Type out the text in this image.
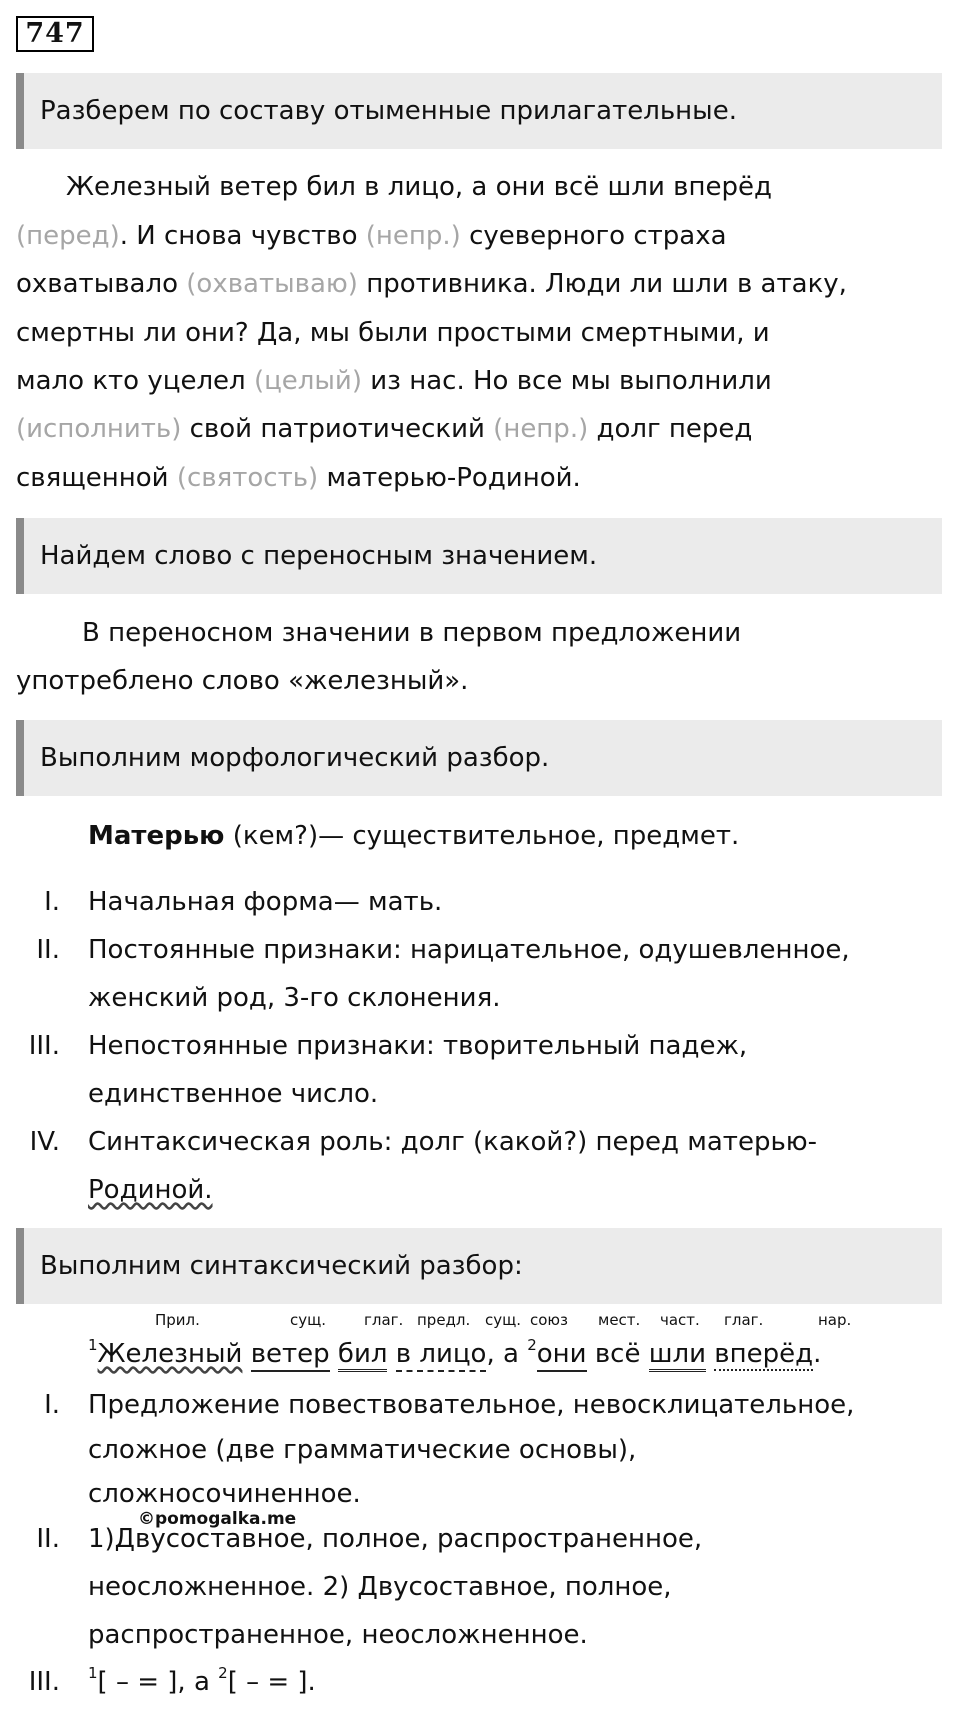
747
Разберем по составу отыменные прилагательные.
Железный ветер бил в лицо, а они всё шли вперёд
(перед). И снова чувство (непр.) суеверного страха
охватывало (охватываю) противника. Люди ли шли в атаку,
смертны ли они? Да, мы были простыми смертными, и
мало кто уцелел (целый) из нас. Но все мы выполнили
(исполнить) свой патриотический (непр.) долг перед
священной (святость) матерью-Родиной.
Найдем слово с переносным значением.
В переносном значении в первом предложении
употреблено слово «железный».
Выполним морфологический разбор.
Матерью (кем?)— существительное, предмет.
I. Начальная форма— мать.
II. Постоянные признаки: нарицательное, одушевленное,
женский род, 3-го склонения.
III. Непостоянные признаки: творительный падеж,
единственное число.
IV. Синтаксическая роль: долг (какой?) перед матерью-
Родиной.
Выполним синтаксический разбор:
Прил.	сущ.	глаг. предл. сущ. союз мест. част. глаг.	нар.
$^1$Железный ветер бил в лицо, а $^2$они всё шли вперёд.
I. Предложение повествовательное, невосклицательное,
сложное (две грамматические основы),
сложносочиненное.
©pomogalka.me
II. 1)Двусоставное, полное, распространенное,
неосложненное. 2) Двусоставное, полное,
распространенное, неосложненное.
III. $^1$[ – = ], а $^2$[ – = ].
